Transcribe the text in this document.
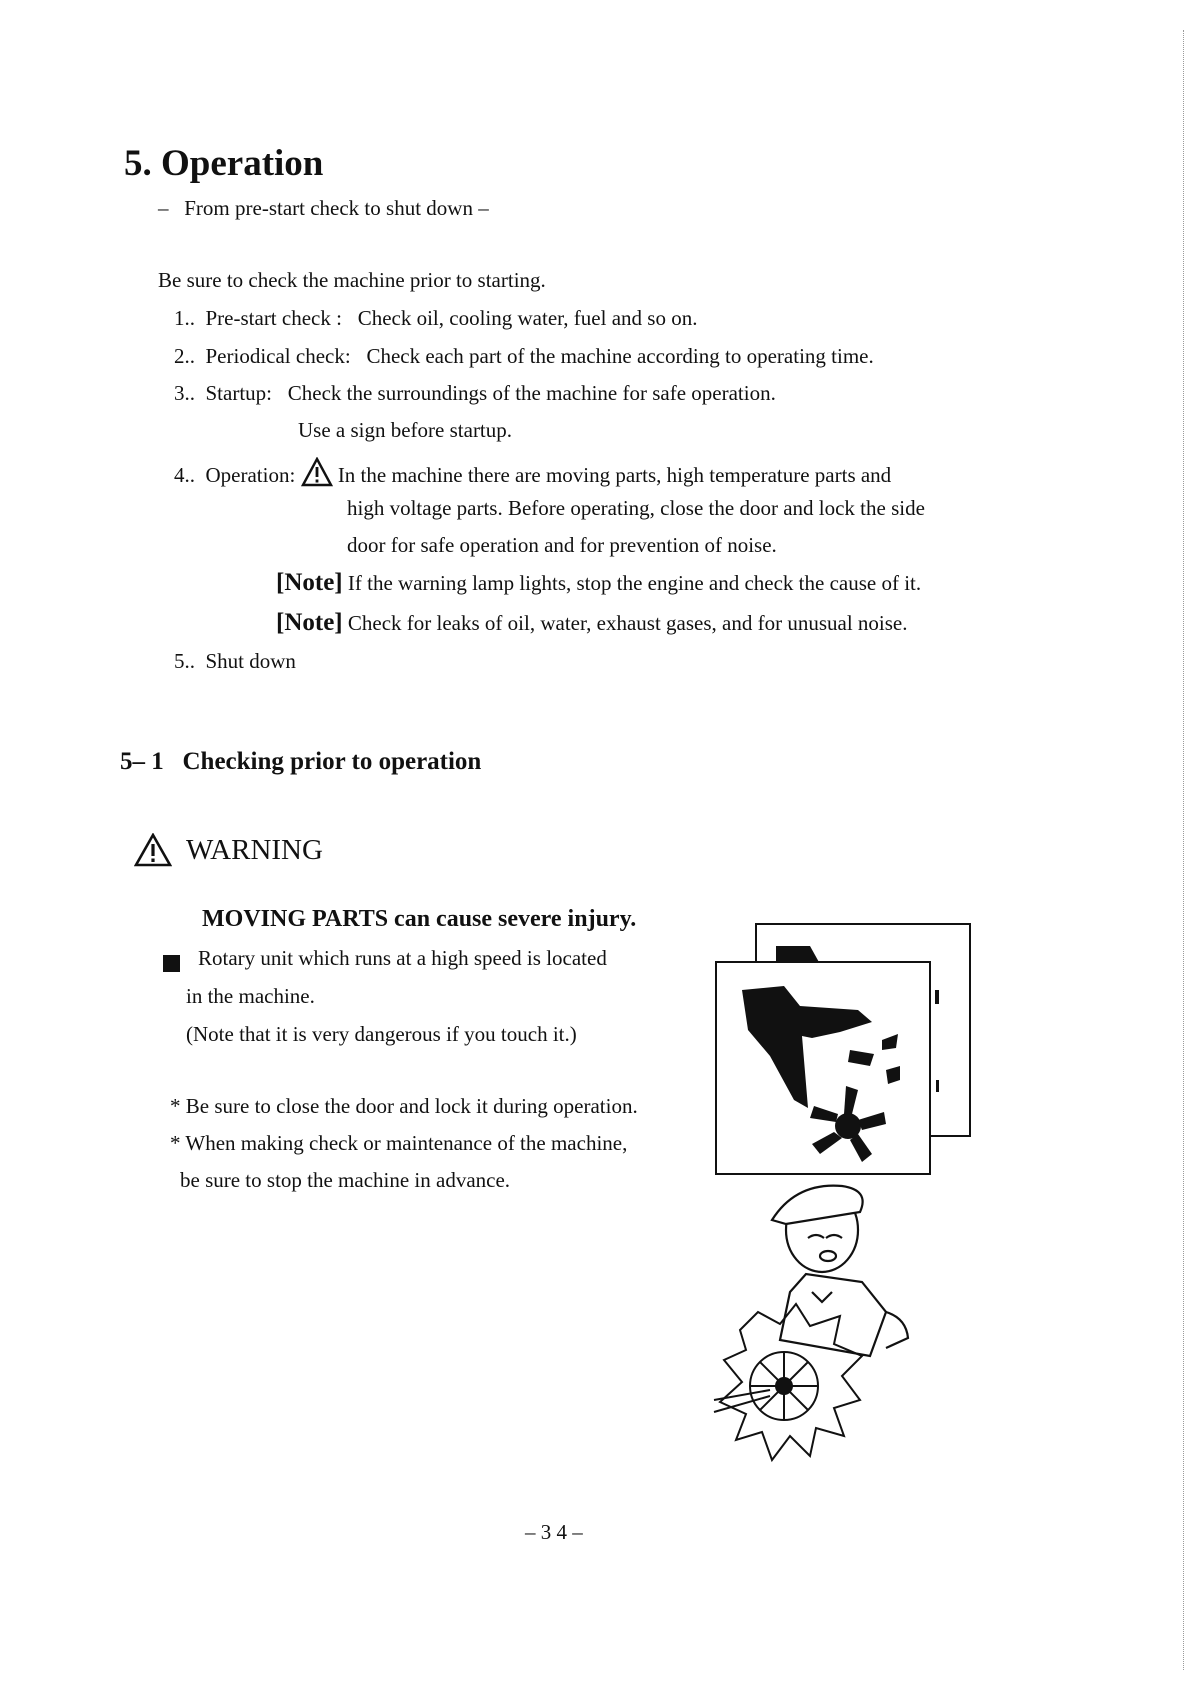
5. Operation
– From pre-start check to shut down –
Be sure to check the machine prior to starting.
1.. Pre-start check : Check oil, cooling water, fuel and so on.
2.. Periodical check: Check each part of the machine according to operating time.
3.. Startup: Check the surroundings of the machine for safe operation.
Use a sign before startup.
4.. Operation: In the machine there are moving parts, high temperature parts and
high voltage parts. Before operating, close the door and lock the side
door for safe operation and for prevention of noise.
[Note] If the warning lamp lights, stop the engine and check the cause of it.
[Note] Check for leaks of oil, water, exhaust gases, and for unusual noise.
5.. Shut down
5– 1 Checking prior to operation
WARNING
MOVING PARTS can cause severe injury.
Rotary unit which runs at a high speed is located
in the machine.
(Note that it is very dangerous if you touch it.)
* Be sure to close the door and lock it during operation.
* When making check or maintenance of the machine,
be sure to stop the machine in advance.
– 3 4 –
